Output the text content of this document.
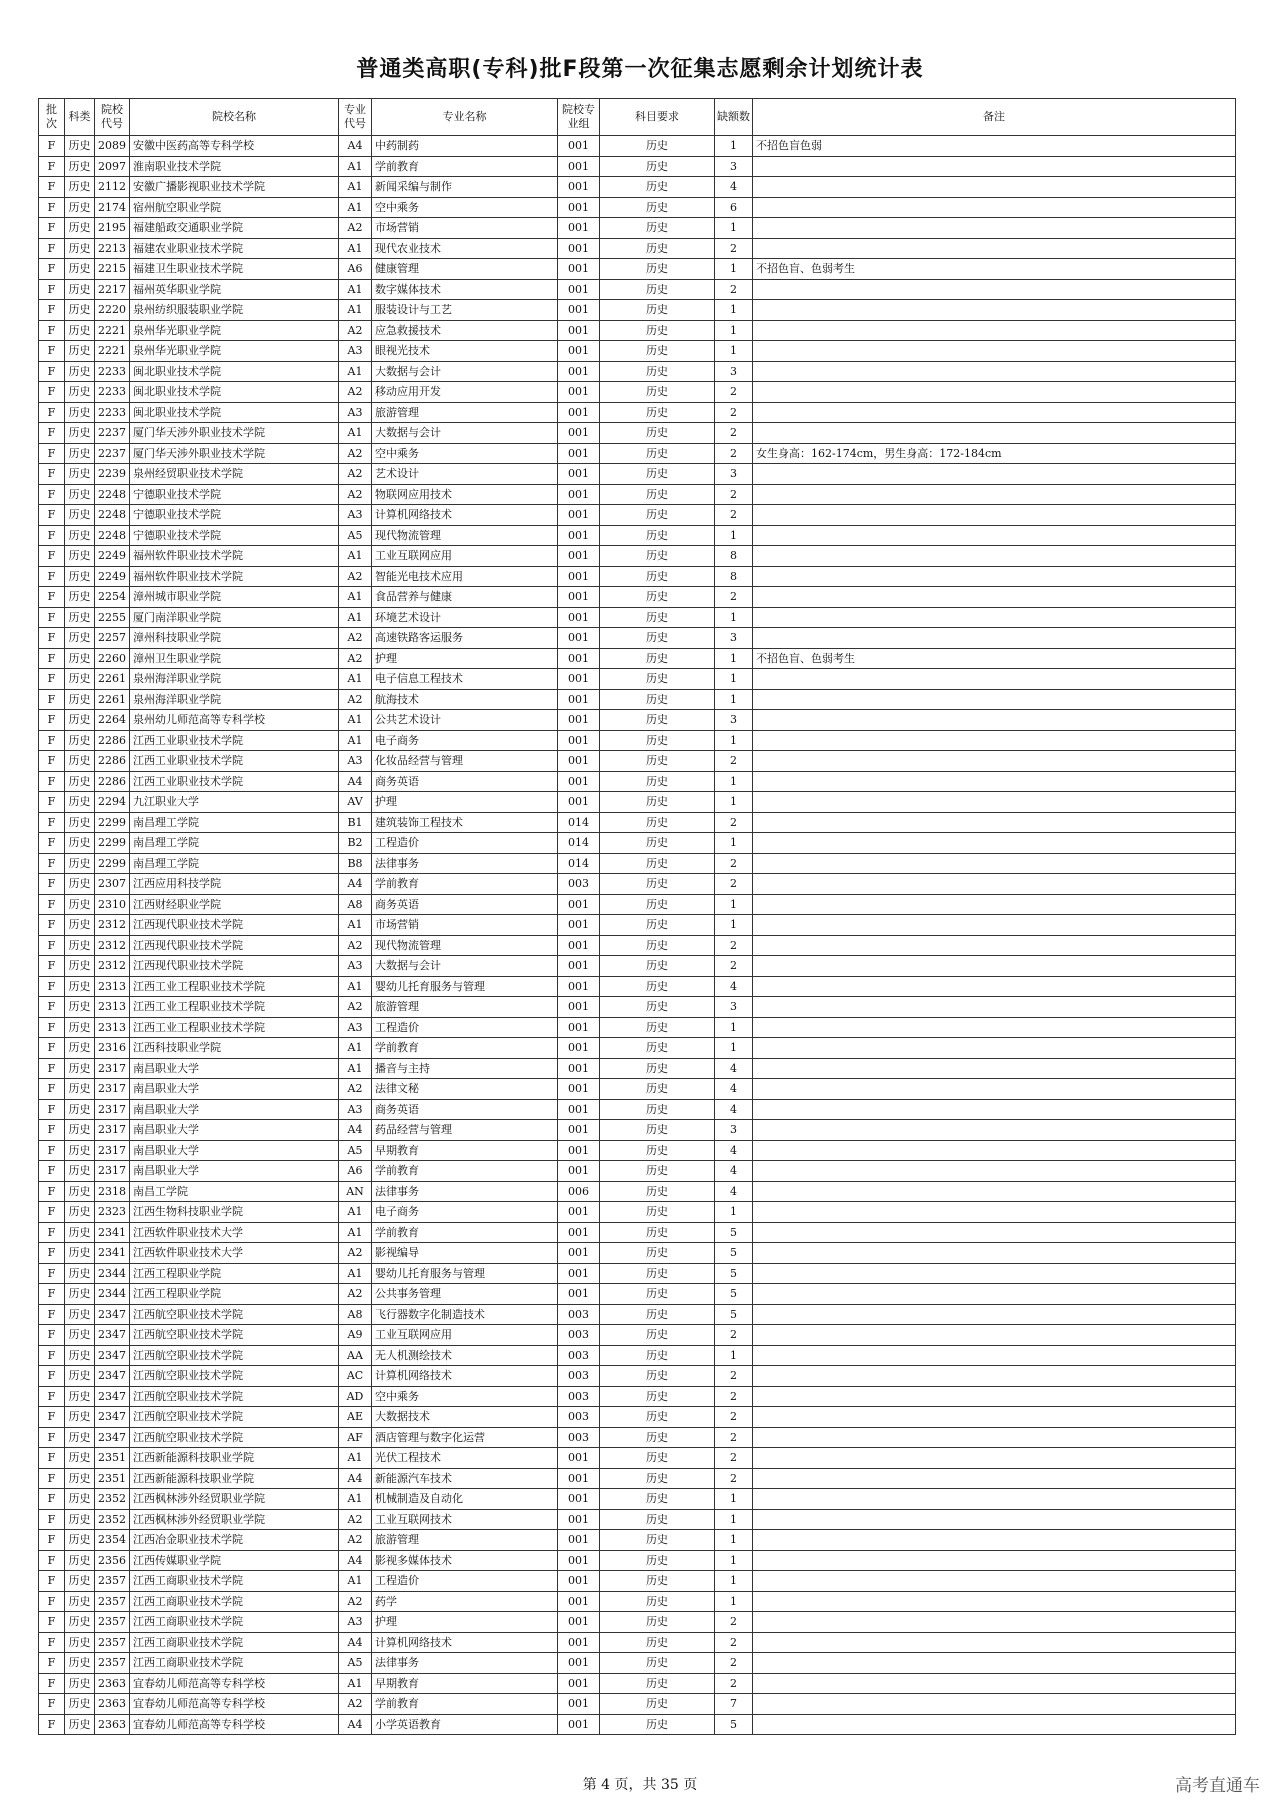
普通类高职(专科)批F段第一次征集志愿剩余计划统计表
批次	科类	院校代号	院校名称	专业代号	专业名称	院校专业组	科目要求	缺额数	备注
F	历史	2089	安徽中医药高等专科学校	A4	中药制药	001	历史	1	不招色盲色弱
F	历史	2097	淮南职业技术学院	A1	学前教育	001	历史	3	
F	历史	2112	安徽广播影视职业技术学院	A1	新闻采编与制作	001	历史	4	
F	历史	2174	宿州航空职业学院	A1	空中乘务	001	历史	6	
F	历史	2195	福建船政交通职业学院	A2	市场营销	001	历史	1	
F	历史	2213	福建农业职业技术学院	A1	现代农业技术	001	历史	2	
F	历史	2215	福建卫生职业技术学院	A6	健康管理	001	历史	1	不招色盲、色弱考生
F	历史	2217	福州英华职业学院	A1	数字媒体技术	001	历史	2	
F	历史	2220	泉州纺织服装职业学院	A1	服装设计与工艺	001	历史	1	
F	历史	2221	泉州华光职业学院	A2	应急救援技术	001	历史	1	
F	历史	2221	泉州华光职业学院	A3	眼视光技术	001	历史	1	
F	历史	2233	闽北职业技术学院	A1	大数据与会计	001	历史	3	
F	历史	2233	闽北职业技术学院	A2	移动应用开发	001	历史	2	
F	历史	2233	闽北职业技术学院	A3	旅游管理	001	历史	2	
F	历史	2237	厦门华天涉外职业技术学院	A1	大数据与会计	001	历史	2	
F	历史	2237	厦门华天涉外职业技术学院	A2	空中乘务	001	历史	2	女生身高：162-174cm，男生身高：172-184cm
F	历史	2239	泉州经贸职业技术学院	A2	艺术设计	001	历史	3	
F	历史	2248	宁德职业技术学院	A2	物联网应用技术	001	历史	2	
F	历史	2248	宁德职业技术学院	A3	计算机网络技术	001	历史	2	
F	历史	2248	宁德职业技术学院	A5	现代物流管理	001	历史	1	
F	历史	2249	福州软件职业技术学院	A1	工业互联网应用	001	历史	8	
F	历史	2249	福州软件职业技术学院	A2	智能光电技术应用	001	历史	8	
F	历史	2254	漳州城市职业学院	A1	食品营养与健康	001	历史	2	
F	历史	2255	厦门南洋职业学院	A1	环境艺术设计	001	历史	1	
F	历史	2257	漳州科技职业学院	A2	高速铁路客运服务	001	历史	3	
F	历史	2260	漳州卫生职业学院	A2	护理	001	历史	1	不招色盲、色弱考生
F	历史	2261	泉州海洋职业学院	A1	电子信息工程技术	001	历史	1	
F	历史	2261	泉州海洋职业学院	A2	航海技术	001	历史	1	
F	历史	2264	泉州幼儿师范高等专科学校	A1	公共艺术设计	001	历史	3	
F	历史	2286	江西工业职业技术学院	A1	电子商务	001	历史	1	
F	历史	2286	江西工业职业技术学院	A3	化妆品经营与管理	001	历史	2	
F	历史	2286	江西工业职业技术学院	A4	商务英语	001	历史	1	
F	历史	2294	九江职业大学	AV	护理	001	历史	1	
F	历史	2299	南昌理工学院	B1	建筑装饰工程技术	014	历史	2	
F	历史	2299	南昌理工学院	B2	工程造价	014	历史	1	
F	历史	2299	南昌理工学院	B8	法律事务	014	历史	2	
F	历史	2307	江西应用科技学院	A4	学前教育	003	历史	2	
F	历史	2310	江西财经职业学院	A8	商务英语	001	历史	1	
F	历史	2312	江西现代职业技术学院	A1	市场营销	001	历史	1	
F	历史	2312	江西现代职业技术学院	A2	现代物流管理	001	历史	2	
F	历史	2312	江西现代职业技术学院	A3	大数据与会计	001	历史	2	
F	历史	2313	江西工业工程职业技术学院	A1	婴幼儿托育服务与管理	001	历史	4	
F	历史	2313	江西工业工程职业技术学院	A2	旅游管理	001	历史	3	
F	历史	2313	江西工业工程职业技术学院	A3	工程造价	001	历史	1	
F	历史	2316	江西科技职业学院	A1	学前教育	001	历史	1	
F	历史	2317	南昌职业大学	A1	播音与主持	001	历史	4	
F	历史	2317	南昌职业大学	A2	法律文秘	001	历史	4	
F	历史	2317	南昌职业大学	A3	商务英语	001	历史	4	
F	历史	2317	南昌职业大学	A4	药品经营与管理	001	历史	3	
F	历史	2317	南昌职业大学	A5	早期教育	001	历史	4	
F	历史	2317	南昌职业大学	A6	学前教育	001	历史	4	
F	历史	2318	南昌工学院	AN	法律事务	006	历史	4	
F	历史	2323	江西生物科技职业学院	A1	电子商务	001	历史	1	
F	历史	2341	江西软件职业技术大学	A1	学前教育	001	历史	5	
F	历史	2341	江西软件职业技术大学	A2	影视编导	001	历史	5	
F	历史	2344	江西工程职业学院	A1	婴幼儿托育服务与管理	001	历史	5	
F	历史	2344	江西工程职业学院	A2	公共事务管理	001	历史	5	
F	历史	2347	江西航空职业技术学院	A8	飞行器数字化制造技术	003	历史	5	
F	历史	2347	江西航空职业技术学院	A9	工业互联网应用	003	历史	2	
F	历史	2347	江西航空职业技术学院	AA	无人机测绘技术	003	历史	1	
F	历史	2347	江西航空职业技术学院	AC	计算机网络技术	003	历史	2	
F	历史	2347	江西航空职业技术学院	AD	空中乘务	003	历史	2	
F	历史	2347	江西航空职业技术学院	AE	大数据技术	003	历史	2	
F	历史	2347	江西航空职业技术学院	AF	酒店管理与数字化运营	003	历史	2	
F	历史	2351	江西新能源科技职业学院	A1	光伏工程技术	001	历史	2	
F	历史	2351	江西新能源科技职业学院	A4	新能源汽车技术	001	历史	2	
F	历史	2352	江西枫林涉外经贸职业学院	A1	机械制造及自动化	001	历史	1	
F	历史	2352	江西枫林涉外经贸职业学院	A2	工业互联网技术	001	历史	1	
F	历史	2354	江西冶金职业技术学院	A2	旅游管理	001	历史	1	
F	历史	2356	江西传媒职业学院	A4	影视多媒体技术	001	历史	1	
F	历史	2357	江西工商职业技术学院	A1	工程造价	001	历史	1	
F	历史	2357	江西工商职业技术学院	A2	药学	001	历史	1	
F	历史	2357	江西工商职业技术学院	A3	护理	001	历史	2	
F	历史	2357	江西工商职业技术学院	A4	计算机网络技术	001	历史	2	
F	历史	2357	江西工商职业技术学院	A5	法律事务	001	历史	2	
F	历史	2363	宜春幼儿师范高等专科学校	A1	早期教育	001	历史	2	
F	历史	2363	宜春幼儿师范高等专科学校	A2	学前教育	001	历史	7	
F	历史	2363	宜春幼儿师范高等专科学校	A4	小学英语教育	001	历史	5	
第 4 页，共 35 页	高考直通车
